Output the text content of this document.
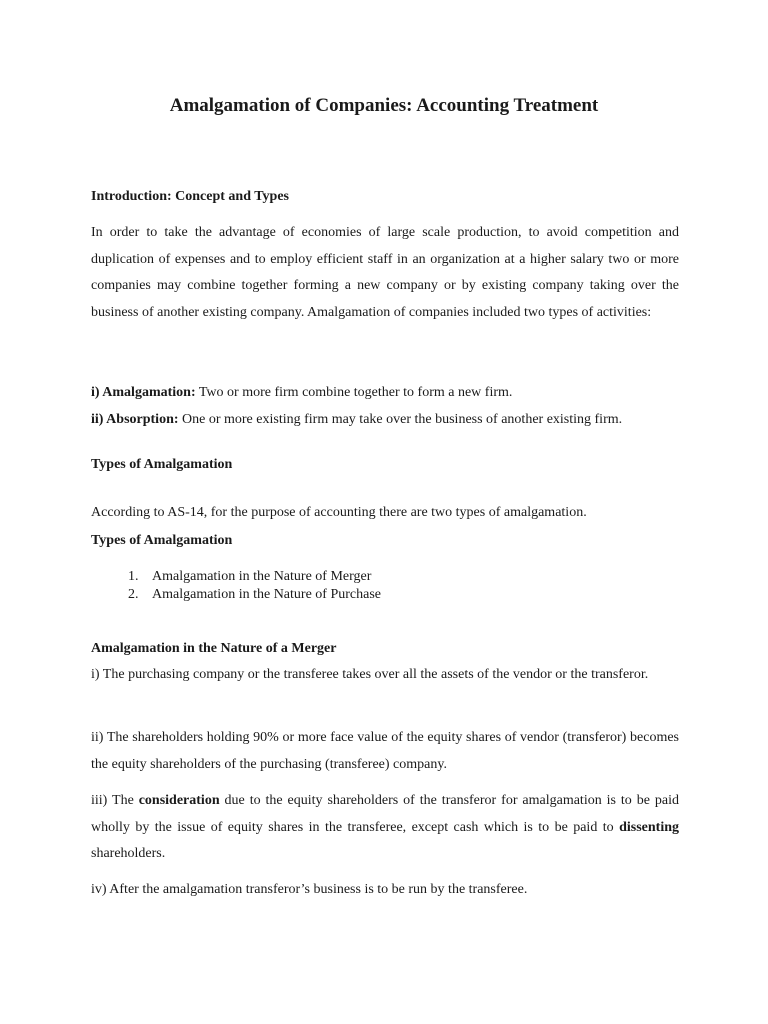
Amalgamation of Companies: Accounting Treatment
Introduction: Concept and Types

In order to take the advantage of economies of large scale production, to avoid competition and duplication of expenses and to employ efficient staff in an organization at a higher salary two or more companies may combine together forming a new company or by existing company taking over the business of another existing company. Amalgamation of companies included two types of activities:

i) Amalgamation: Two or more firm combine together to form a new firm.

ii) Absorption: One or more existing firm may take over the business of another existing firm.

Types of Amalgamation

According to AS-14, for the purpose of accounting there are two types of amalgamation.

Types of Amalgamation
1. Amalgamation in the Nature of Merger
2. Amalgamation in the Nature of Purchase
Amalgamation in the Nature of a Merger

i) The purchasing company or the transferee takes over all the assets of the vendor or the transferor.

ii) The shareholders holding 90% or more face value of the equity shares of vendor (transferor) becomes the equity shareholders of the purchasing (transferee) company.

iii) The consideration due to the equity shareholders of the transferor for amalgamation is to be paid wholly by the issue of equity shares in the transferee, except cash which is to be paid to dissenting shareholders.

iv) After the amalgamation transferor’s business is to be run by the transferee.
